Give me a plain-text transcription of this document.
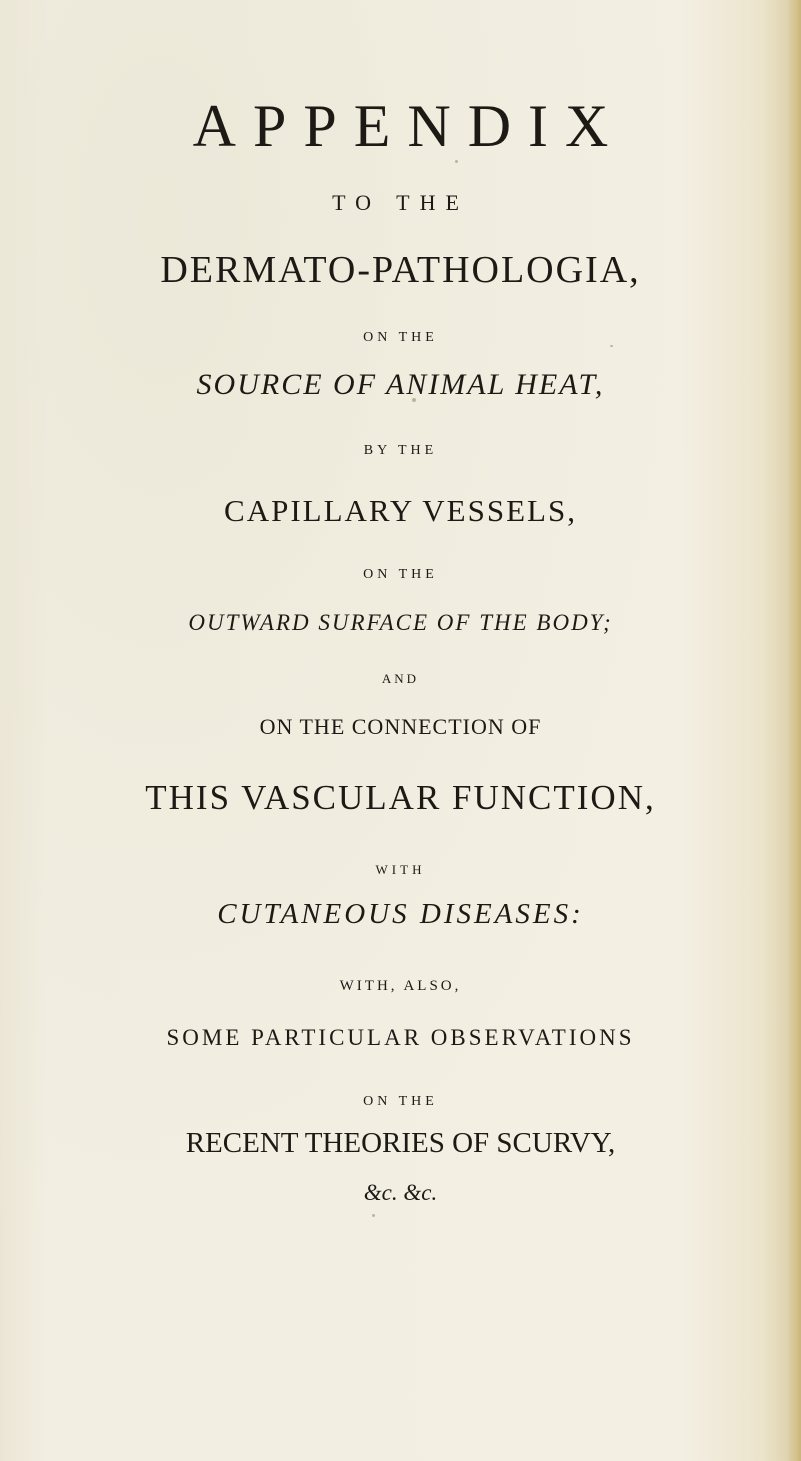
APPENDIX
TO THE
DERMATO-PATHOLOGIA,
ON THE
SOURCE OF ANIMAL HEAT,
BY THE
CAPILLARY VESSELS,
ON THE
OUTWARD SURFACE OF THE BODY;
AND
ON THE CONNECTION OF
THIS VASCULAR FUNCTION,
WITH
CUTANEOUS DISEASES:
WITH, ALSO,
SOME PARTICULAR OBSERVATIONS
ON THE
RECENT THEORIES OF SCURVY,
&c. &c.
